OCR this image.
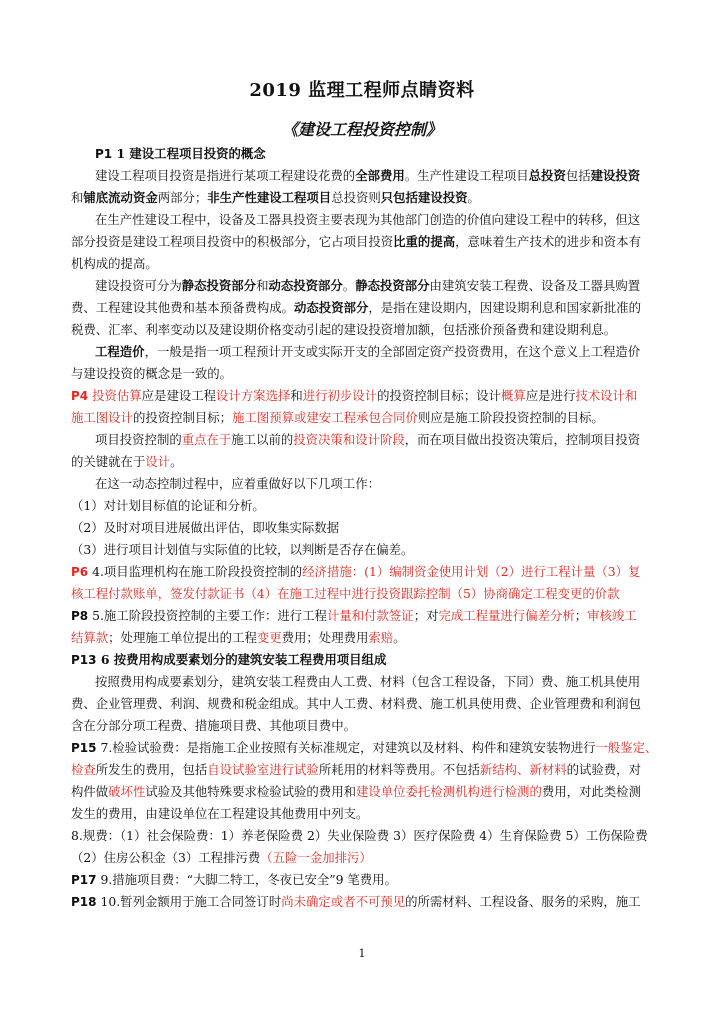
2019 监理工程师点睛资料
《建设工程投资控制》
P1 1 建设工程项目投资的概念
建设工程项目投资是指进行某项工程建设花费的全部费用。生产性建设工程项目总投资包括建设投资
和铺底流动资金两部分；非生产性建设工程项目总投资则只包括建设投资。
在生产性建设工程中，设备及工器具投资主要表现为其他部门创造的价值向建设工程中的转移，但这
部分投资是建设工程项目投资中的积极部分，它占项目投资比重的提高，意味着生产技术的进步和资本有
机构成的提高。
建设投资可分为静态投资部分和动态投资部分。静态投资部分由建筑安装工程费、设备及工器具购置
费、工程建设其他费和基本预备费构成。动态投资部分，是指在建设期内，因建设期利息和国家新批准的
税费、汇率、利率变动以及建设期价格变动引起的建设投资增加额，包括涨价预备费和建设期利息。
工程造价，一般是指一项工程预计开支或实际开支的全部固定资产投资费用，在这个意义上工程造价
与建设投资的概念是一致的。
P4 投资估算应是建设工程设计方案选择和进行初步设计的投资控制目标；设计概算应是进行技术设计和
施工图设计的投资控制目标；施工图预算或建安工程承包合同价则应是施工阶段投资控制的目标。
项目投资控制的重点在于施工以前的投资决策和设计阶段，而在项目做出投资决策后，控制项目投资
的关键就在于设计。
在这一动态控制过程中，应着重做好以下几项工作：
（1）对计划目标值的论证和分析。
（2）及时对项目进展做出评估，即收集实际数据
（3）进行项目计划值与实际值的比较，以判断是否存在偏差。
P6 4.项目监理机构在施工阶段投资控制的经济措施：(1）编制资金使用计划（2）进行工程计量（3）复
核工程付款账单，签发付款证书（4）在施工过程中进行投资跟踪控制（5）协商确定工程变更的价款
P8 5.施工阶段投资控制的主要工作：进行工程计量和付款签证；对完成工程量进行偏差分析；审核竣工
结算款；处理施工单位提出的工程变更费用；处理费用索赔。
P13 6 按费用构成要素划分的建筑安装工程费用项目组成
按照费用构成要素划分，建筑安装工程费由人工费、材料（包含工程设备，下同）费、施工机具使用
费、企业管理费、利润、规费和税金组成。其中人工费、材料费、施工机具使用费、企业管理费和利润包
含在分部分项工程费、措施项目费、其他项目费中。
P15 7.检验试验费：是指施工企业按照有关标准规定，对建筑以及材料、构件和建筑安装物进行一般鉴定、
检查所发生的费用，包括自设试验室进行试验所耗用的材料等费用。不包括新结构、新材料的试验费，对
构件做破坏性试验及其他特殊要求检验试验的费用和建设单位委托检测机构进行检测的费用，对此类检测
发生的费用，由建设单位在工程建设其他费用中列支。
8.规费：（1）社会保险费：1）养老保险费 2）失业保险费 3）医疗保险费 4）生育保险费 5）工伤保险费
（2）住房公积金（3）工程排污费（五险一金加排污）
P17 9.措施项目费：“大脚二特工，冬夜已安全”9 笔费用。
P18 10.暂列金额用于施工合同签订时尚未确定或者不可预见的所需材料、工程设备、服务的采购，施工
1
